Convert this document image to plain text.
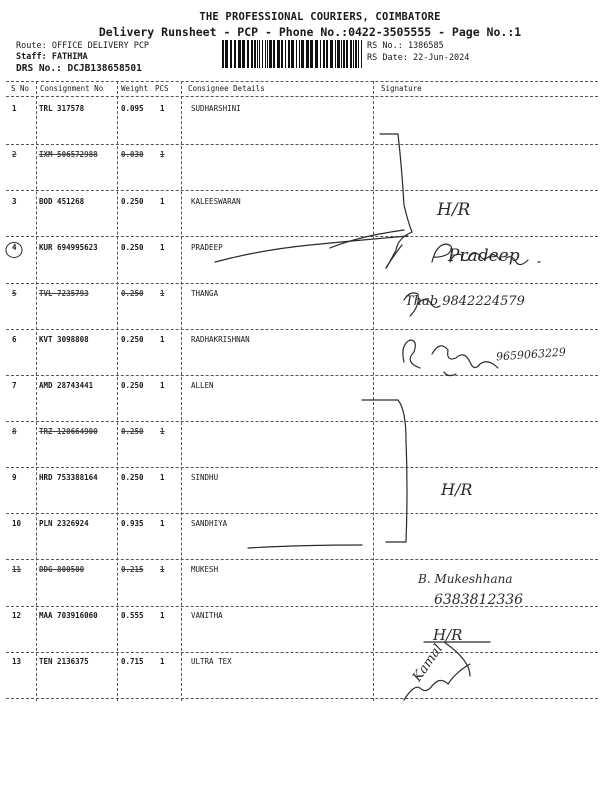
THE PROFESSIONAL COURIERS, COIMBATORE
Delivery Runsheet - PCP - Phone No.:0422-3505555 - Page No.:1
Route: OFFICE DELIVERY PCP
Staff: FATHIMA
DRS No.: DCJB138658501
RS No.: 1386585
RS Date: 22-Jun-2024
S No Consignment No Weight PCS	Consignee Details	Signature
1	TRL 317578	0.095 1	SUDHARSHINI
2	IXM 506572988	0.030 1
3	BOD 451268	0.250 1	KALEESWARAN
4	KUR 694995623	0.250 1	PRADEEP
5	TVL 7235793	0.250 1	THANGA
6	KVT 3098808	0.250 1	RADHAKRISHNAN
7	AMD 28743441	0.250 1	ALLEN
8	TRZ 120664900	0.250 1
9	HRD 753388164	0.250 1	SINDHU
10 PLN 2326924	0.935 1	SANDHIYA
11 DDG 800500	0.215 1	MUKESH
12 MAA 703916060	0.555 1	VANITHA
13 TEN 2136375	0.715 1	ULTRA TEX
H/R
Pradeep
Thab 9842224579
9659063229
H/R
B. Mukeshhana
6383812336
H/R
Kamal
